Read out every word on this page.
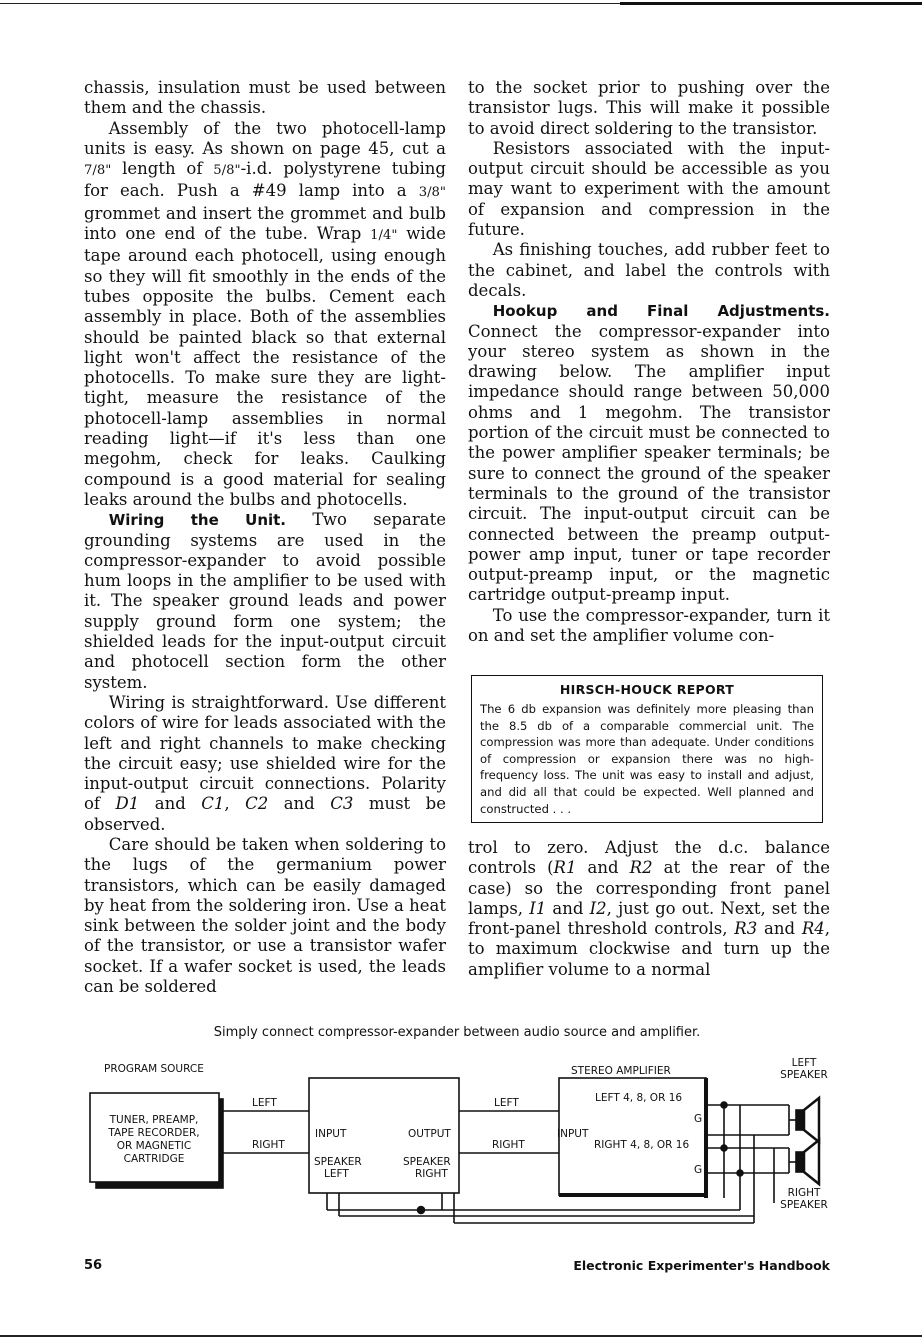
chassis, insulation must be used between them and the chassis.

Assembly of the two photocell-lamp units is easy. As shown on page 45, cut a 7/8" length of 5/8"-i.d. polystyrene tubing for each. Push a #49 lamp into a 3/8" grommet and insert the grommet and bulb into one end of the tube. Wrap 1/4" wide tape around each photocell, using enough so they will fit smoothly in the ends of the tubes opposite the bulbs. Cement each assembly in place. Both of the assemblies should be painted black so that external light won't affect the resistance of the photocells. To make sure they are light-tight, measure the resistance of the photocell-lamp assemblies in normal reading light—if it's less than one megohm, check for leaks. Caulking compound is a good material for sealing leaks around the bulbs and photocells.

Wiring the Unit. Two separate grounding systems are used in the compressor-expander to avoid possible hum loops in the amplifier to be used with it. The speaker ground leads and power supply ground form one system; the shielded leads for the input-output circuit and photocell section form the other system.

Wiring is straightforward. Use different colors of wire for leads associated with the left and right channels to make checking the circuit easy; use shielded wire for the input-output circuit connections. Polarity of D1 and C1, C2 and C3 must be observed.

Care should be taken when soldering to the lugs of the germanium power transistors, which can be easily damaged by heat from the soldering iron. Use a heat sink between the solder joint and the body of the transistor, or use a transistor wafer socket. If a wafer socket is used, the leads can be soldered

to the socket prior to pushing over the transistor lugs. This will make it possible to avoid direct soldering to the transistor.

Resistors associated with the input-output circuit should be accessible as you may want to experiment with the amount of expansion and compression in the future.

As finishing touches, add rubber feet to the cabinet, and label the controls with decals.

Hookup and Final Adjustments. Connect the compressor-expander into your stereo system as shown in the drawing below. The amplifier input impedance should range between 50,000 ohms and 1 megohm. The transistor portion of the circuit must be connected to the power amplifier speaker terminals; be sure to connect the ground of the speaker terminals to the ground of the transistor circuit. The input-output circuit can be connected between the preamp output-power amp input, tuner or tape recorder output-preamp input, or the magnetic cartridge output-preamp input.

To use the compressor-expander, turn it on and set the amplifier volume con-

HIRSCH-HOUCK REPORT
The 6 db expansion was definitely more pleasing than the 8.5 db of a comparable commercial unit. The compression was more than adequate. Under conditions of compression or expansion there was no high-frequency loss. The unit was easy to install and adjust, and did all that could be expected. Well planned and constructed . . .

trol to zero. Adjust the d.c. balance controls (R1 and R2 at the rear of the case) so the corresponding front panel lamps, I1 and I2, just go out. Next, set the front-panel threshold controls, R3 and R4, to maximum clockwise and turn up the amplifier volume to a normal

Simply connect compressor-expander between audio source and amplifier.
PROGRAM SOURCE
TUNER, PREAMP,
TAPE RECORDER,
OR MAGNETIC
CARTRIDGE
LEFT
RIGHT
INPUT	OUTPUT
SPEAKER
LEFT
SPEAKER
RIGHT
LEFT
RIGHT
STEREO AMPLIFIER
LEFT 4, 8, OR 16
G
INPUT
RIGHT 4, 8, OR 16
G
LEFT
SPEAKER
RIGHT
SPEAKER
56	Electronic Experimenter's Handbook
